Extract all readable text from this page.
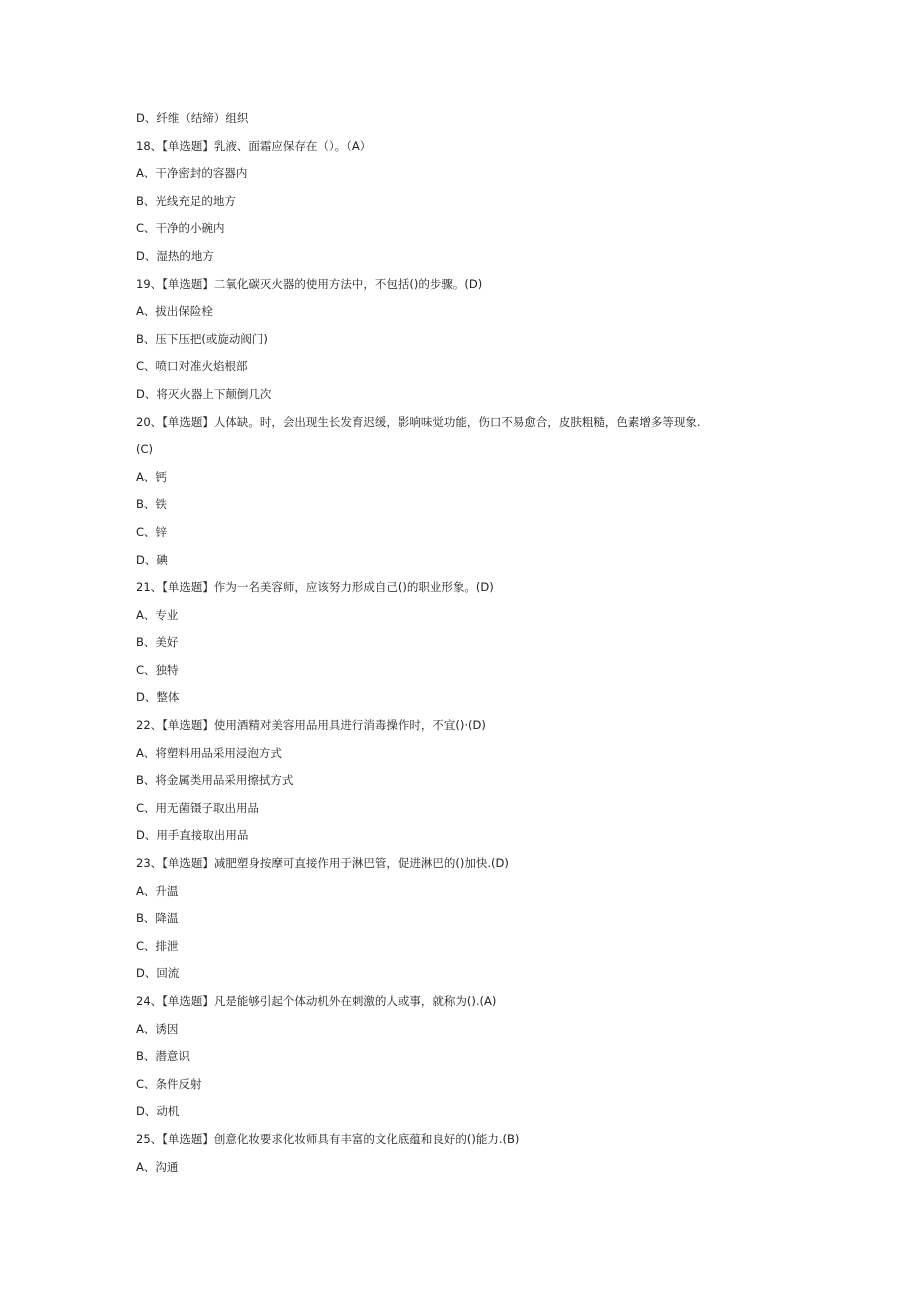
D、纤维（结缔）组织
18、【单选题】乳液、面霜应保存在（）。（A）
A、干净密封的容器内
B、光线充足的地方
C、干净的小碗内
D、湿热的地方
19、【单选题】二氧化碳灭火器的使用方法中，不包括()的步骤。(D)
A、拔出保险栓
B、压下压把(或旋动阀门)
C、喷口对准火焰根部
D、将灭火器上下颠倒几次
20、【单选题】人体缺。时，会出现生长发育迟缓，影响味觉功能，伤口不易愈合，皮肤粗糙，色素增多等现象.
(C)
A、钙
B、铁
C、锌
D、碘
21、【单选题】作为一名美容师，应该努力形成自己()的职业形象。(D)
A、专业
B、美好
C、独特
D、整体
22、【单选题】使用酒精对美容用品用具进行消毒操作时，不宜()·(D)
A、将塑料用品采用浸泡方式
B、将金属类用品采用擦拭方式
C、用无菌镊子取出用品
D、用手直接取出用品
23、【单选题】减肥塑身按摩可直接作用于淋巴管，促进淋巴的()加快.(D)
A、升温
B、降温
C、排泄
D、回流
24、【单选题】凡是能够引起个体动机外在刺激的人或事，就称为().(A)
A、诱因
B、潜意识
C、条件反射
D、动机
25、【单选题】创意化妆要求化妆师具有丰富的文化底蕴和良好的()能力.(B)
A、沟通
